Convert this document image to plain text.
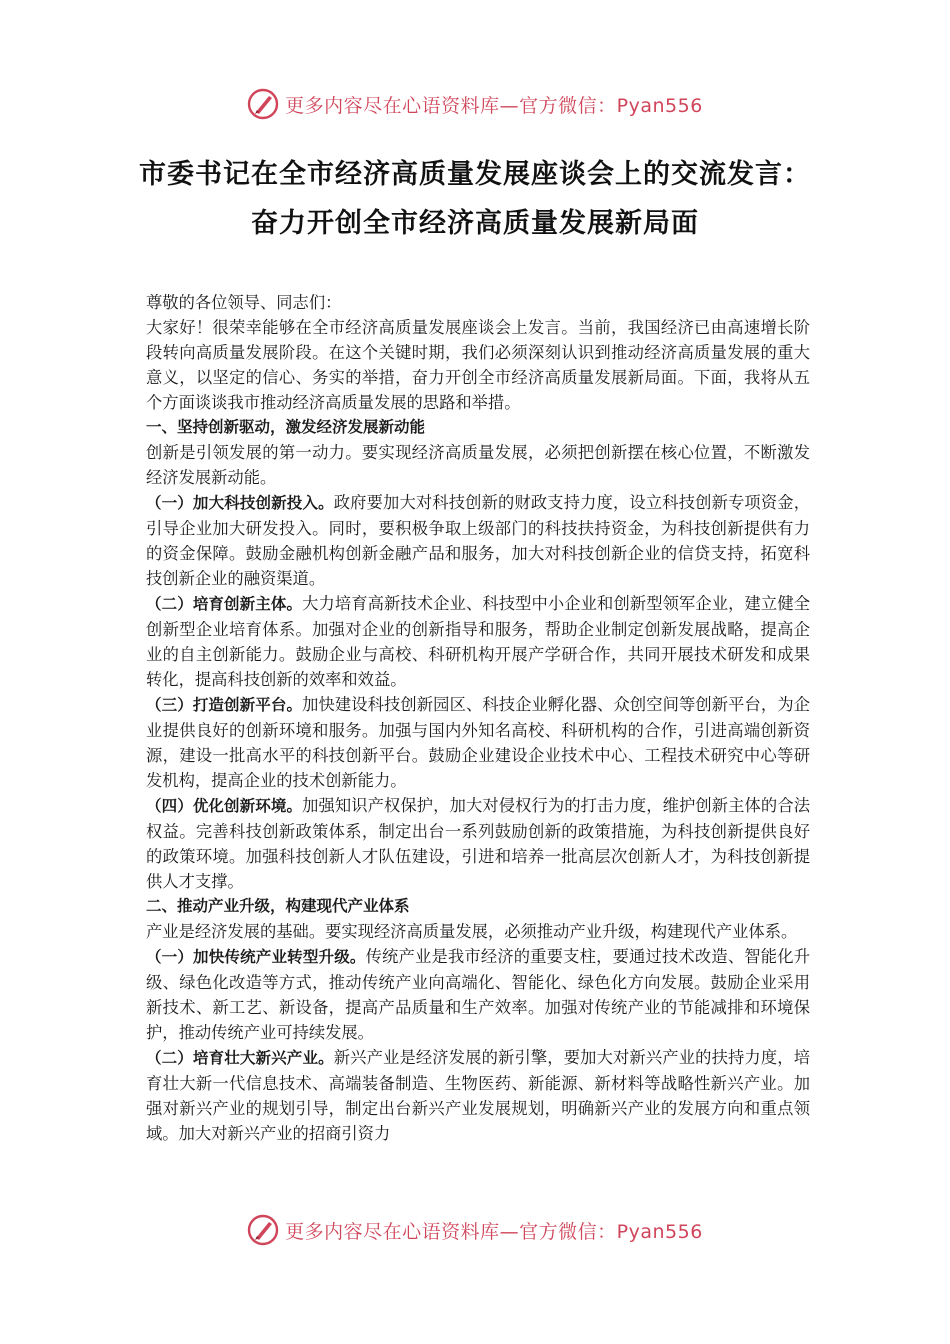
更多内容尽在心语资料库—官方微信：Pyan556
市委书记在全市经济高质量发展座谈会上的交流发言：
奋力开创全市经济高质量发展新局面

尊敬的各位领导、同志们：

大家好！很荣幸能够在全市经济高质量发展座谈会上发言。当前，我国经济已由高速增长阶段转向高质量发展阶段。在这个关键时期，我们必须深刻认识到推动经济高质量发展的重大意义，以坚定的信心、务实的举措，奋力开创全市经济高质量发展新局面。下面，我将从五个方面谈谈我市推动经济高质量发展的思路和举措。

一、坚持创新驱动，激发经济发展新动能

创新是引领发展的第一动力。要实现经济高质量发展，必须把创新摆在核心位置，不断激发经济发展新动能。

（一）加大科技创新投入。政府要加大对科技创新的财政支持力度，设立科技创新专项资金，引导企业加大研发投入。同时，要积极争取上级部门的科技扶持资金，为科技创新提供有力的资金保障。鼓励金融机构创新金融产品和服务，加大对科技创新企业的信贷支持，拓宽科技创新企业的融资渠道。

（二）培育创新主体。大力培育高新技术企业、科技型中小企业和创新型领军企业，建立健全创新型企业培育体系。加强对企业的创新指导和服务，帮助企业制定创新发展战略，提高企业的自主创新能力。鼓励企业与高校、科研机构开展产学研合作，共同开展技术研发和成果转化，提高科技创新的效率和效益。

（三）打造创新平台。加快建设科技创新园区、科技企业孵化器、众创空间等创新平台，为企业提供良好的创新环境和服务。加强与国内外知名高校、科研机构的合作，引进高端创新资源，建设一批高水平的科技创新平台。鼓励企业建设企业技术中心、工程技术研究中心等研发机构，提高企业的技术创新能力。

（四）优化创新环境。加强知识产权保护，加大对侵权行为的打击力度，维护创新主体的合法权益。完善科技创新政策体系，制定出台一系列鼓励创新的政策措施，为科技创新提供良好的政策环境。加强科技创新人才队伍建设，引进和培养一批高层次创新人才，为科技创新提供人才支撑。

二、推动产业升级，构建现代产业体系

产业是经济发展的基础。要实现经济高质量发展，必须推动产业升级，构建现代产业体系。

（一）加快传统产业转型升级。传统产业是我市经济的重要支柱，要通过技术改造、智能化升级、绿色化改造等方式，推动传统产业向高端化、智能化、绿色化方向发展。鼓励企业采用新技术、新工艺、新设备，提高产品质量和生产效率。加强对传统产业的节能减排和环境保护，推动传统产业可持续发展。

（二）培育壮大新兴产业。新兴产业是经济发展的新引擎，要加大对新兴产业的扶持力度，培育壮大新一代信息技术、高端装备制造、生物医药、新能源、新材料等战略性新兴产业。加强对新兴产业的规划引导，制定出台新兴产业发展规划，明确新兴产业的发展方向和重点领域。加大对新兴产业的招商引资力

更多内容尽在心语资料库—官方微信：Pyan556
